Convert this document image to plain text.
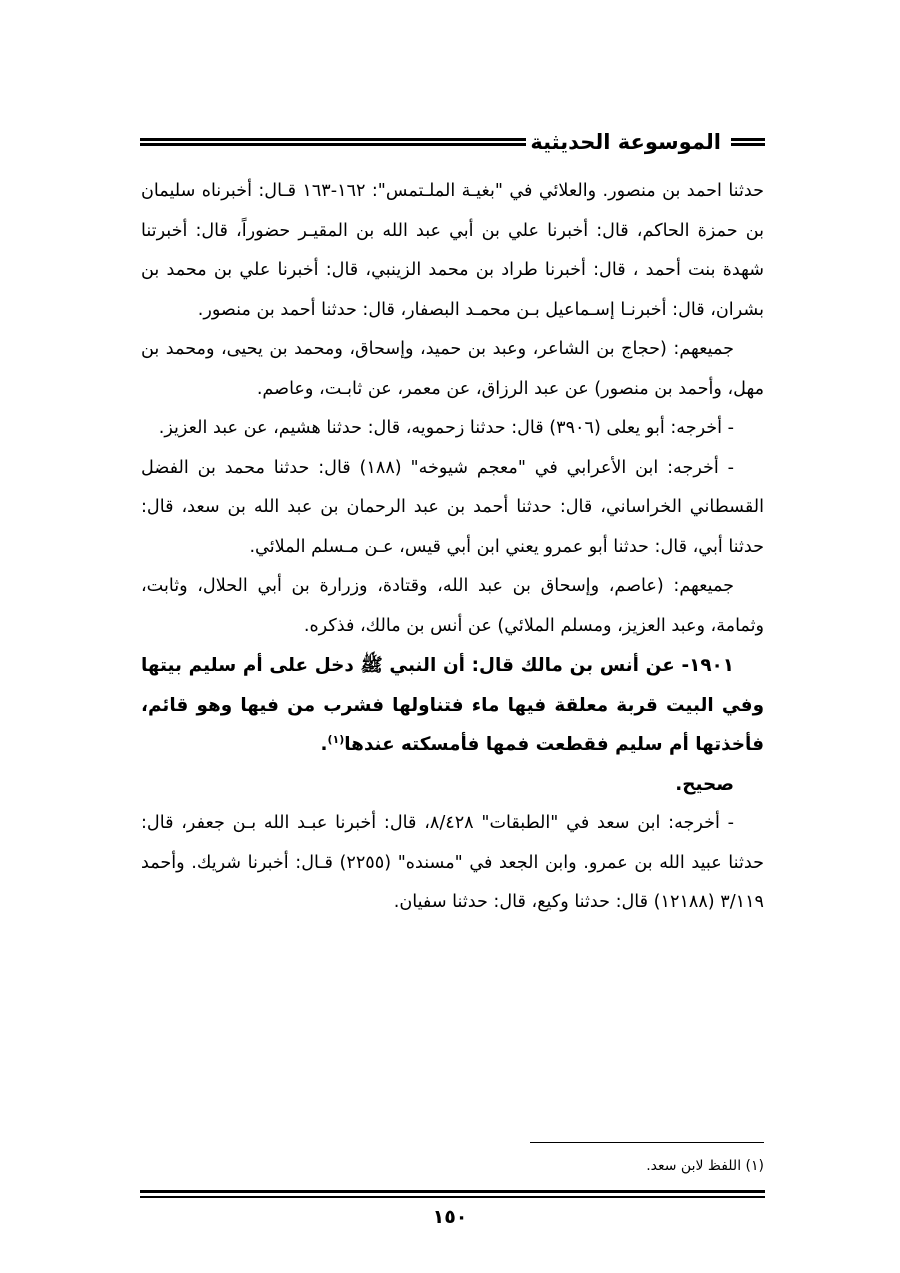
الموسوعة الحديثية

حدثنا احمد بن منصور. والعلائي في "بغيـة الملـتمس": ١٦٢-١٦٣ قـال: أخبرناه سليمان بن حمزة الحاكم، قال: أخبرنا علي بن أبي عبد الله بن المقيـر حضوراً، قال: أخبرتنا شهدة بنت أحمد ، قال: أخبرنا طراد بن محمد الزينبي، قال: أخبرنا علي بن محمد بن بشران، قال: أخبرنـا إسـماعيل بـن محمـد البصفار، قال: حدثنا أحمد بن منصور.

جميعهم: (حجاج بن الشاعر، وعبد بن حميد، وإسحاق، ومحمد بن يحيى، ومحمد بن مهل، وأحمد بن منصور) عن عبد الرزاق، عن معمر، عن ثابـت، وعاصم.

- أخرجه: أبو يعلى (٣٩٠٦) قال: حدثنا زحمويه، قال: حدثنا هشيم، عن عبد العزيز.

- أخرجه: ابن الأعرابي في "معجم شيوخه" (١٨٨) قال: حدثنا محمد بن الفضل القسطاني الخراساني، قال: حدثنا أحمد بن عبد الرحمان بن عبد الله بن سعد، قال: حدثنا أبي، قال: حدثنا أبو عمرو يعني ابن أبي قيس، عـن مـسلم الملائي.

جميعهم: (عاصم، وإسحاق بن عبد الله، وقتادة، وزرارة بن أبي الحلال، وثابت، وثمامة، وعبد العزيز، ومسلم الملائي) عن أنس بن مالك، فذكره.

١٩٠١- عن أنس بن مالك قال: أن النبي ﷺ دخل على أم سليم بيتها وفي البيت قربة معلقة فيها ماء فتناولها فشرب من فيها وهو قائم، فأخذتها أم سليم فقطعت فمها فأمسكته عندها$^{(١)}$.

صحيح.

- أخرجه: ابن سعد في "الطبقات" ٨/٤٢٨، قال: أخبرنا عبـد الله بـن جعفر، قال: حدثنا عبيد الله بن عمرو. وابن الجعد في "مسنده" (٢٢٥٥) قـال: أخبرنا شريك. وأحمد ٣/١١٩ (١٢١٨٨) قال: حدثنا وكيع، قال: حدثنا سفيان.

(١) اللفظ لابن سعد.
١٥٠
